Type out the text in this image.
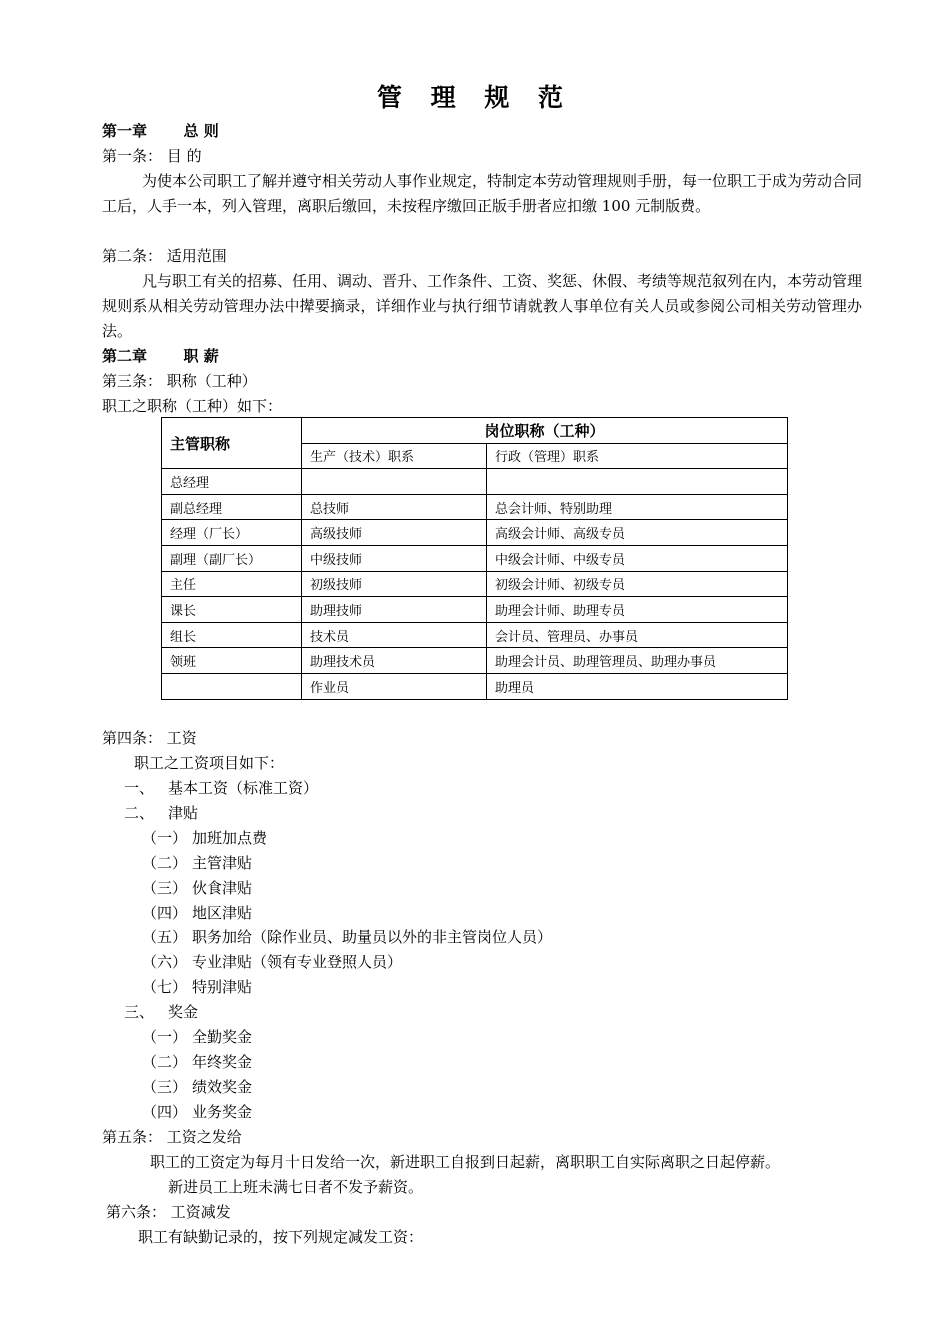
管 理 规 范
第一章 总 则
第一条： 目 的
为使本公司职工了解并遵守相关劳动人事作业规定，特制定本劳动管理规则手册，每一位职工于成为劳动合同工后，人手一本，列入管理，离职后缴回，未按程序缴回正版手册者应扣缴 100 元制版费。
第二条： 适用范围
凡与职工有关的招募、任用、调动、晋升、工作条件、工资、奖惩、休假、考绩等规范叙列在内，本劳动管理规则系从相关劳动管理办法中撵要摘录，详细作业与执行细节请就教人事单位有关人员或参阅公司相关劳动管理办法。
第二章 职 薪
第三条： 职称（工种）
职工之职称（工种）如下：
主管职称	岗位职称（工种）	
	生产（技术）职系	行政（管理）职系
总经理		
副总经理	总技师	总会计师、特别助理
经理（厂长）	高级技师	高级会计师、高级专员
副理（副厂长）	中级技师	中级会计师、中级专员
主任	初级技师	初级会计师、初级专员
课长	助理技师	助理会计师、助理专员
组长	技术员	会计员、管理员、办事员
领班	助理技术员	助理会计员、助理管理员、助理办事员
	作业员	助理员
第四条： 工资
职工之工资项目如下：
一、 基本工资（标准工资）
二、 津贴
（一） 加班加点费
（二） 主管津贴
（三） 伙食津贴
（四） 地区津贴
（五） 职务加给（除作业员、助量员以外的非主管岗位人员）
（六） 专业津贴（领有专业登照人员）
（七） 特别津贴
三、 奖金
（一） 全勤奖金
（二） 年终奖金
（三） 绩效奖金
（四） 业务奖金
第五条： 工资之发给
职工的工资定为每月十日发给一次，新进职工自报到日起薪，离职职工自实际离职之日起停薪。
新进员工上班未满七日者不发予薪资。
第六条： 工资减发
职工有缺勤记录的，按下列规定减发工资：
